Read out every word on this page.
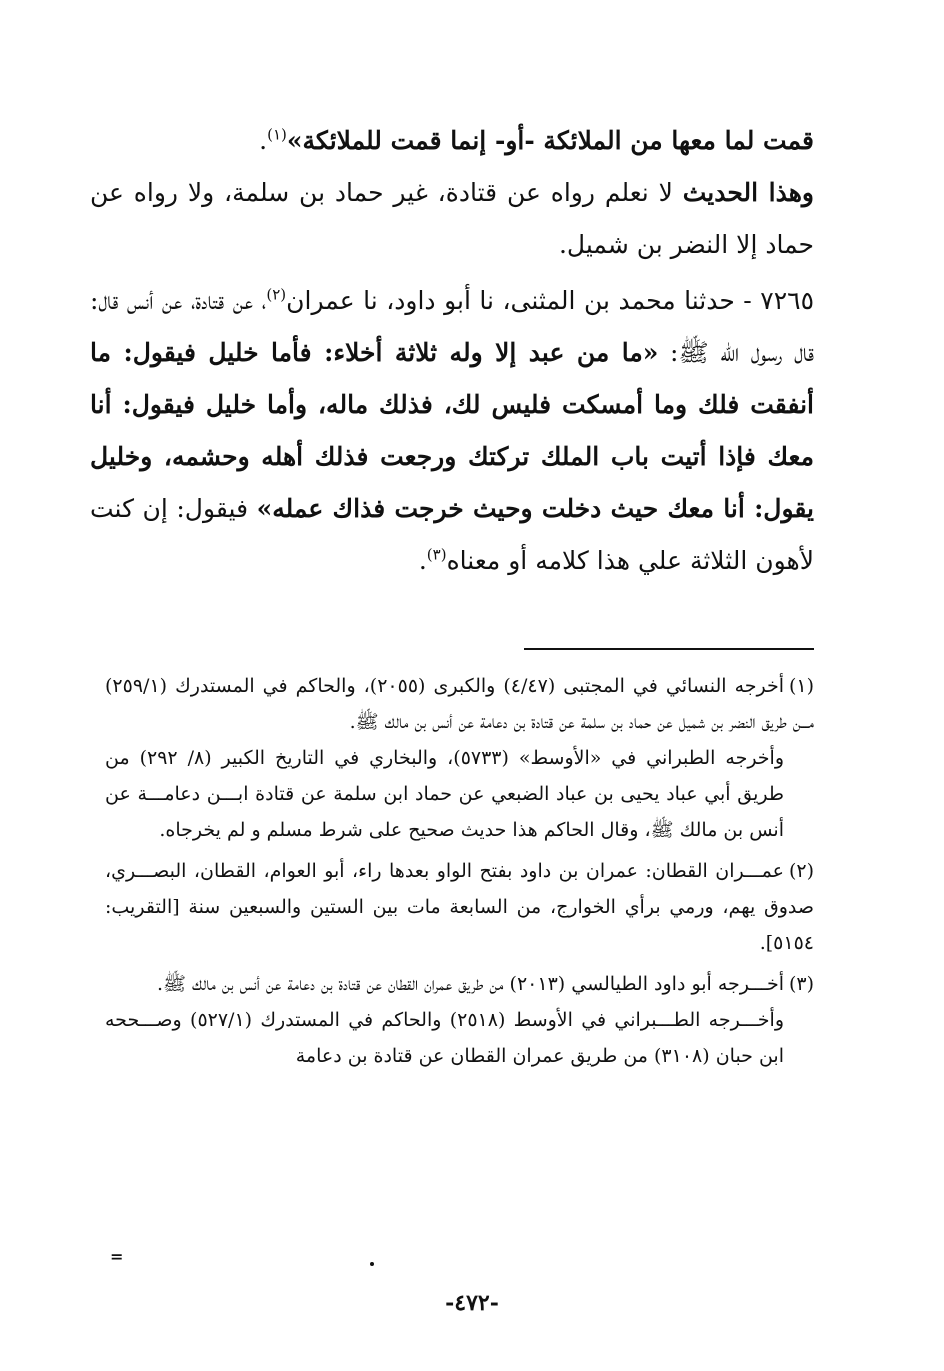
قمت لما معها من الملائكة -أو- إنما قمت للملائكة»$^{(١)}$.

وهذا الحديث لا نعلم رواه عن قتادة، غير حماد بن سلمة، ولا رواه عن حماد إلا النضر بن شميل.

٧٢٦٥ - حدثنا محمد بن المثنى، نا أبو داود، نا عمران$^{(٢)}$، عن قتادة، عن أنس قال: قال رسول الله ﷺ: «ما من عبد إلا وله ثلاثة أخلاء: فأما خليل فيقول: ما أنفقت فلك وما أمسكت فليس لك، فذلك ماله، وأما خليل فيقول: أنا معك فإذا أتيت باب الملك تركتك ورجعت فذلك أهله وحشمه، وخليل يقول: أنا معك حيث دخلت وحيث خرجت فذاك عمله» فيقول: إن كنت لأهون الثلاثة علي هذا كلامه أو معناه$^{(٣)}$.

(١)أخرجه النسائي في المجتبى (٤/٤٧) والكبرى (٢٠٥٥)، والحاكم في المستدرك (٢٥٩/١) مـــن طريق النضر بن شميل عن حماد بن سلمة عن قتادة بن دعامة عن أنس بن مالك ﷺ.

وأخرجه الطبراني في «الأوسط» (٥٧٣٣)، والبخاري في التاريخ الكبير (٨/ ٢٩٢) من طريق أبي عباد يحيى بن عباد الضبعي عن حماد ابن سلمة عن قتادة ابـــن دعامـــة عن أنس بن مالك ﷺ، وقال الحاكم هذا حديث صحيح على شرط مسلم و لم يخرجاه.

(٢)عمـــران القطان: عمران بن داود بفتح الواو بعدها راء، أبو العوام، القطان، البصـــري، صدوق يهم، ورمي برأي الخوارج، من السابعة مات بين الستين والسبعين سنة [التقريب: ٥١٥٤].

(٣)أخـــرجه أبو داود الطيالسي (٢٠١٣) من طريق عمران القطان عن قتادة بن دعامة عن أنس بن مالك ﷺ.

وأخـــرجه الطـــبراني في الأوسط (٢٥١٨) والحاكم في المستدرك (٥٢٧/١) وصـــححه ابن حبان (٣١٠٨) من طريق عمران القطان عن قتادة بن دعامة

=
-٤٧٢-
